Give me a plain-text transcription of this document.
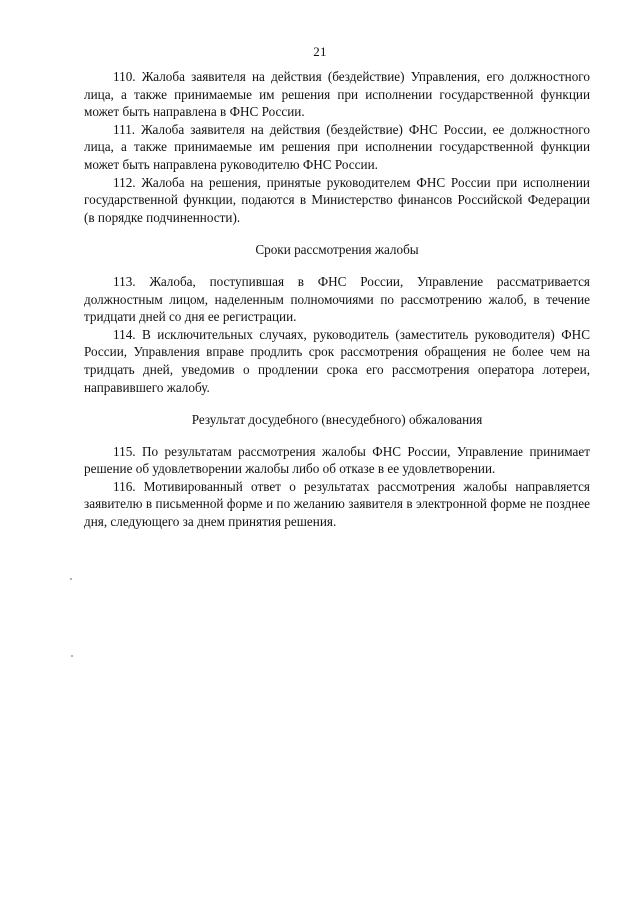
21

110. Жалоба заявителя на действия (бездействие) Управления, его должностного лица, а также принимаемые им решения при исполнении государственной функции может быть направлена в ФНС России.

111. Жалоба заявителя на действия (бездействие) ФНС России, ее должностного лица, а также принимаемые им решения при исполнении государственной функции может быть направлена руководителю ФНС России.

112. Жалоба на решения, принятые руководителем ФНС России при исполнении государственной функции, подаются в Министерство финансов Российской Федерации (в порядке подчиненности).

Сроки рассмотрения жалобы

113. Жалоба, поступившая в ФНС России, Управление рассматривается должностным лицом, наделенным полномочиями по рассмотрению жалоб, в течение тридцати дней со дня ее регистрации.

114. В исключительных случаях, руководитель (заместитель руководителя) ФНС России, Управления вправе продлить срок рассмотрения обращения не более чем на тридцать дней, уведомив о продлении срока его рассмотрения оператора лотереи, направившего жалобу.

Результат досудебного (внесудебного) обжалования

115. По результатам рассмотрения жалобы ФНС России, Управление принимает решение об удовлетворении жалобы либо об отказе в ее удовлетворении.

116. Мотивированный ответ о результатах рассмотрения жалобы направляется заявителю в письменной форме и по желанию заявителя в электронной форме не позднее дня, следующего за днем принятия решения.
